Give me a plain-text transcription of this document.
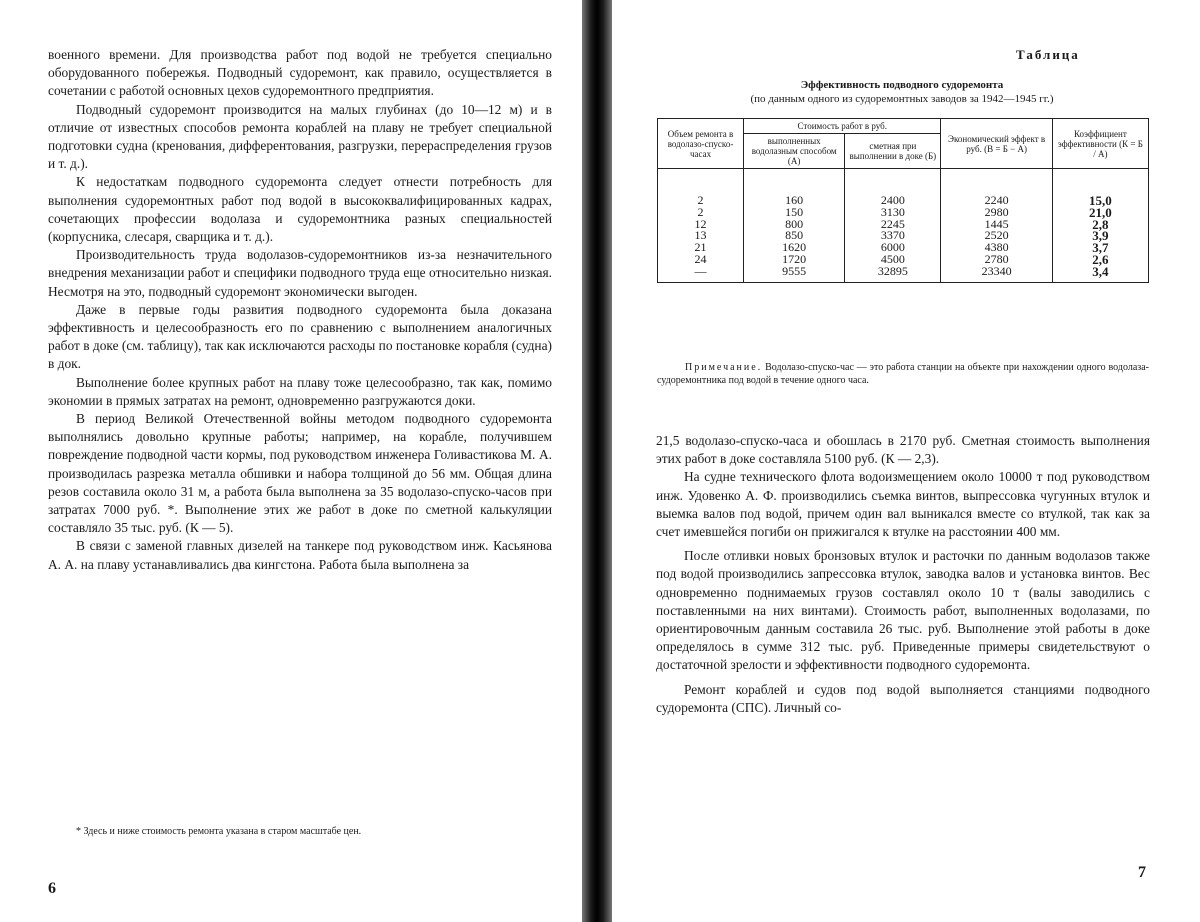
военного времени. Для производства работ под водой не требуется специально оборудованного побережья. Подводный судоремонт, как правило, осуществляется в сочетании с работой основных цехов судоремонтного предприятия.

Подводный судоремонт производится на малых глубинах (до 10—12 м) и в отличие от известных способов ремонта кораблей на плаву не требует специальной подготовки судна (кренования, дифферентования, разгрузки, перераспределения грузов и т. д.).

К недостаткам подводного судоремонта следует отнести потребность для выполнения судоремонтных работ под водой в высококвалифицированных кадрах, сочетающих профессии водолаза и судоремонтника разных специальностей (корпусника, слесаря, сварщика и т. д.).

Производительность труда водолазов-судоремонтников из-за незначительного внедрения механизации работ и специфики подводного труда еще относительно низкая. Несмотря на это, подводный судоремонт экономически выгоден.

Даже в первые годы развития подводного судоремонта была доказана эффективность и целесообразность его по сравнению с выполнением аналогичных работ в доке (см. таблицу), так как исключаются расходы по постановке корабля (судна) в док.

Выполнение более крупных работ на плаву тоже целесообразно, так как, помимо экономии в прямых затратах на ремонт, одновременно разгружаются доки.

В период Великой Отечественной войны методом подводного судоремонта выполнялись довольно крупные работы; например, на корабле, получившем повреждение подводной части кормы, под руководством инженера Голивастикова М. А. производилась разрезка металла обшивки и набора толщиной до 56 мм. Общая длина резов составила около 31 м, а работа была выполнена за 35 водолазо-спуско-часов при затратах 7000 руб. *. Выполнение этих же работ в доке по сметной калькуляции составляло 35 тыс. руб. (К — 5).

В связи с заменой главных дизелей на танкере под руководством инж. Касьянова А. А. на плаву устанавливались два кингстона. Работа была выполнена за

* Здесь и ниже стоимость ремонта указана в старом масштабе цен.
6
Таблица
Эффективность подводного судоремонта
(по данным одного из судоремонтных заводов за 1942—1945 гг.)
Объем ремонта в водолазо-спуско-часах	Стоимость работ в руб.	Экономический эффект в руб. (В = Б − А)	Коэффициент эффективности (К = Б / А)
выполненных водолазным способом (А)	сметная при выполнении в доке (Б)
2	160	2400	2240	15,0
2	150	3130	2980	21,0
12	800	2245	1445	2,8
13	850	3370	2520	3,9
21	1620	6000	4380	3,7
24	1720	4500	2780	2,6
—	9555	32895	23340	3,4
Примечание. Водолазо-спуско-час — это работа станции на объекте при нахождении одного водолаза-судоремонтника под водой в течение одного часа.

21,5 водолазо-спуско-часа и обошлась в 2170 руб. Сметная стоимость выполнения этих работ в доке составляла 5100 руб. (К — 2,3).

На судне технического флота водоизмещением около 10000 т под руководством инж. Удовенко А. Ф. производились съемка винтов, выпрессовка чугунных втулок и выемка валов под водой, причем один вал выникался вместе со втулкой, так как за счет имевшейся погиби он прижигался к втулке на расстоянии 400 мм.

После отливки новых бронзовых втулок и расточки по данным водолазов также под водой производились запрессовка втулок, заводка валов и установка винтов. Вес одновременно поднимаемых грузов составлял около 10 т (валы заводились с поставленными на них винтами). Стоимость работ, выполненных водолазами, по ориентировочным данным составила 26 тыс. руб. Выполнение этой работы в доке определялось в сумме 312 тыс. руб. Приведенные примеры свидетельствуют о достаточной зрелости и эффективности подводного судоремонта.

Ремонт кораблей и судов под водой выполняется станциями подводного судоремонта (СПС). Личный со-

7
